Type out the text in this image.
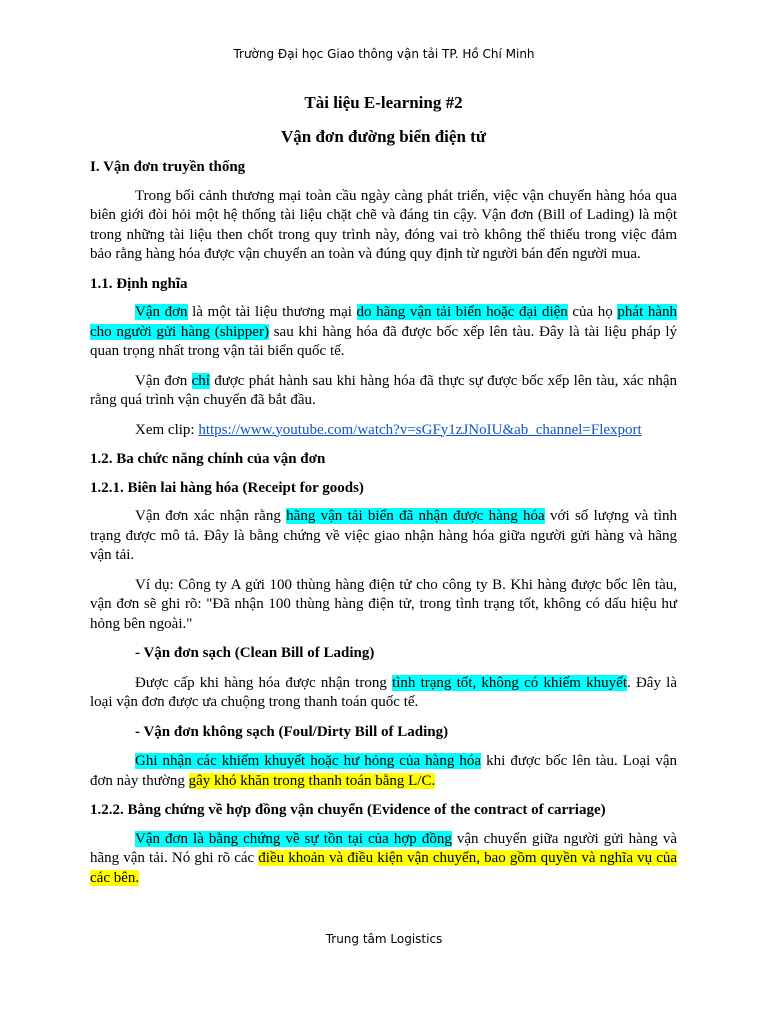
Trường Đại học Giao thông vận tải TP. Hồ Chí Minh
Tài liệu E-learning #2
Vận đơn đường biển điện tử
I. Vận đơn truyền thống

Trong bối cảnh thương mại toàn cầu ngày càng phát triển, việc vận chuyển hàng hóa qua biên giới đòi hỏi một hệ thống tài liệu chặt chẽ và đáng tin cậy. Vận đơn (Bill of Lading) là một trong những tài liệu then chốt trong quy trình này, đóng vai trò không thể thiếu trong việc đảm bảo rằng hàng hóa được vận chuyển an toàn và đúng quy định từ người bán đến người mua.

1.1. Định nghĩa

Vận đơn là một tài liệu thương mại do hãng vận tải biển hoặc đại diện của họ phát hành cho người gửi hàng (shipper) sau khi hàng hóa đã được bốc xếp lên tàu. Đây là tài liệu pháp lý quan trọng nhất trong vận tải biển quốc tế.

Vận đơn chỉ được phát hành sau khi hàng hóa đã thực sự được bốc xếp lên tàu, xác nhận rằng quá trình vận chuyển đã bắt đầu.

Xem clip: https://www.youtube.com/watch?v=sGFy1zJNoIU&ab_channel=Flexport

1.2. Ba chức năng chính của vận đơn
1.2.1. Biên lai hàng hóa (Receipt for goods)

Vận đơn xác nhận rằng hãng vận tải biển đã nhận được hàng hóa với số lượng và tình trạng được mô tả. Đây là bằng chứng về việc giao nhận hàng hóa giữa người gửi hàng và hãng vận tải.

Ví dụ: Công ty A gửi 100 thùng hàng điện tử cho công ty B. Khi hàng được bốc lên tàu, vận đơn sẽ ghi rõ: "Đã nhận 100 thùng hàng điện tử, trong tình trạng tốt, không có dấu hiệu hư hỏng bên ngoài."

- Vận đơn sạch (Clean Bill of Lading)

Được cấp khi hàng hóa được nhận trong tình trạng tốt, không có khiếm khuyết. Đây là loại vận đơn được ưa chuộng trong thanh toán quốc tế.

- Vận đơn không sạch (Foul/Dirty Bill of Lading)

Ghi nhận các khiếm khuyết hoặc hư hỏng của hàng hóa khi được bốc lên tàu. Loại vận đơn này thường gây khó khăn trong thanh toán bằng L/C.

1.2.2. Bằng chứng về hợp đồng vận chuyển (Evidence of the contract of carriage)

Vận đơn là bằng chứng về sự tồn tại của hợp đồng vận chuyển giữa người gửi hàng và hãng vận tải. Nó ghi rõ các điều khoản và điều kiện vận chuyển, bao gồm quyền và nghĩa vụ của các bên.

Trung tâm Logistics
